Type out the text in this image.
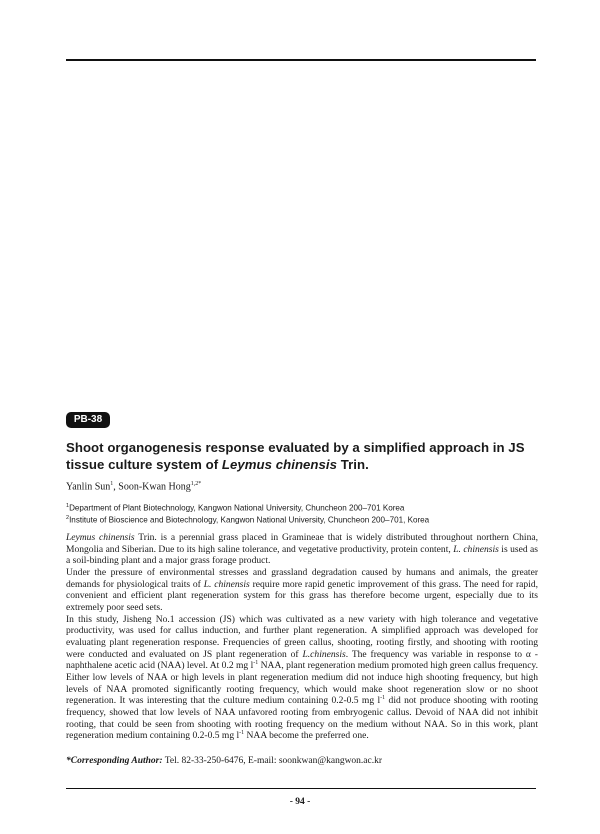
PB-38
Shoot organogenesis response evaluated by a simplified approach in JS tissue culture system of Leymus chinensis Trin.
Yanlin Sun$^1$, Soon-Kwan Hong$^{1,2*}$
$^1$Department of Plant Biotechnology, Kangwon National University, Chuncheon 200–701 Korea
$^2$Institute of Bioscience and Biotechnology, Kangwon National University, Chuncheon 200–701, Korea

Leymus chinensis Trin. is a perennial grass placed in Gramineae that is widely distributed throughout northern China, Mongolia and Siberian. Due to its high saline tolerance, and vegetative productivity, protein content, L. chinensis is used as a soil-binding plant and a major grass forage product.

Under the pressure of environmental stresses and grassland degradation caused by humans and animals, the greater demands for physiological traits of L. chinensis require more rapid genetic improvement of this grass. The need for rapid, convenient and efficient plant regeneration system for this grass has therefore become urgent, especially due to its extremely poor seed sets.

In this study, Jisheng No.1 accession (JS) which was cultivated as a new variety with high tolerance and vegetative productivity, was used for callus induction, and further plant regeneration. A simplified approach was developed for evaluating plant regeneration response. Frequencies of green callus, shooting, rooting firstly, and shooting with rooting were conducted and evaluated on JS plant regeneration of L.chinensis. The frequency was variable in response to α -naphthalene acetic acid (NAA) level. At 0.2 mg $l^{-1}$ NAA, plant regeneration medium promoted high green callus frequency. Either low levels of NAA or high levels in plant regeneration medium did not induce high shooting frequency, but high levels of NAA promoted significantly rooting frequency, which would make shoot regeneration slow or no shoot regeneration. It was interesting that the culture medium containing 0.2-0.5 mg $l^{-1}$ did not produce shooting with rooting frequency, showed that low levels of NAA unfavored rooting from embryogenic callus. Devoid of NAA did not inhibit rooting, that could be seen from shooting with rooting frequency on the medium without NAA. So in this work, plant regeneration medium containing 0.2-0.5 mg $l^{-1}$ NAA become the preferred one.

*Corresponding Author: Tel. 82-33-250-6476, E-mail: soonkwan@kangwon.ac.kr
- 94 -
